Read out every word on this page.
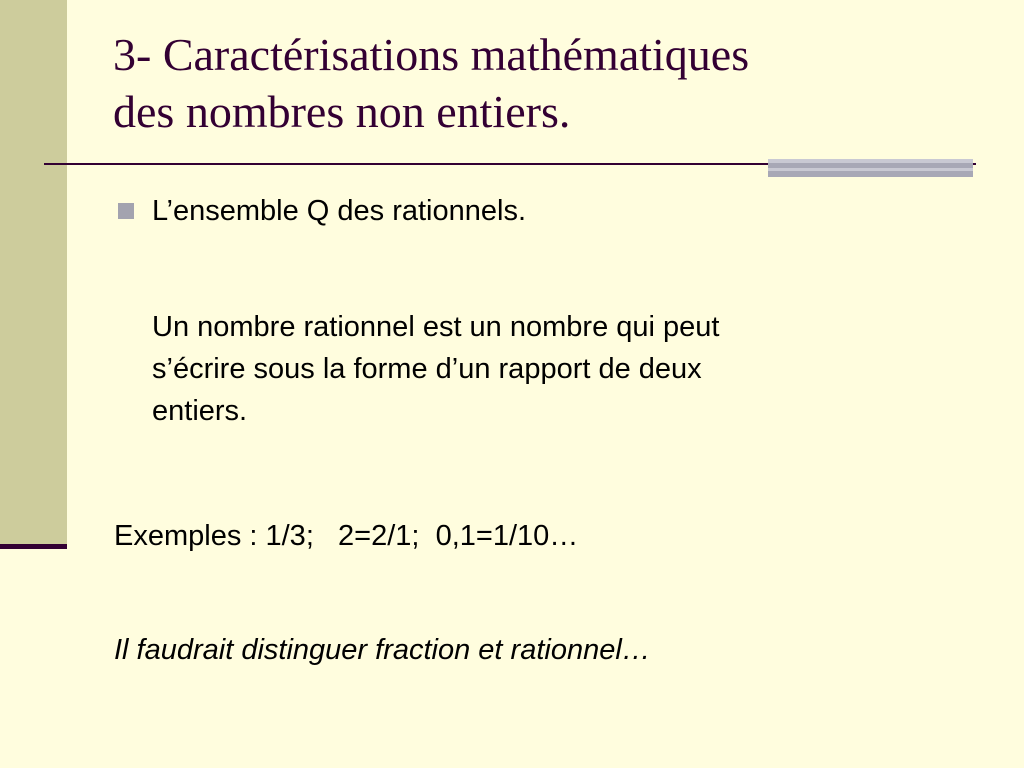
3- Caractérisations mathématiques
des nombres non entiers.
L’ensemble Q des rationnels.
Un nombre rationnel est un nombre qui peut
s’écrire sous la forme d’un rapport de deux
entiers.
Exemples : 1/3;   2=2/1;  0,1=1/10…
Il faudrait distinguer fraction et rationnel…
